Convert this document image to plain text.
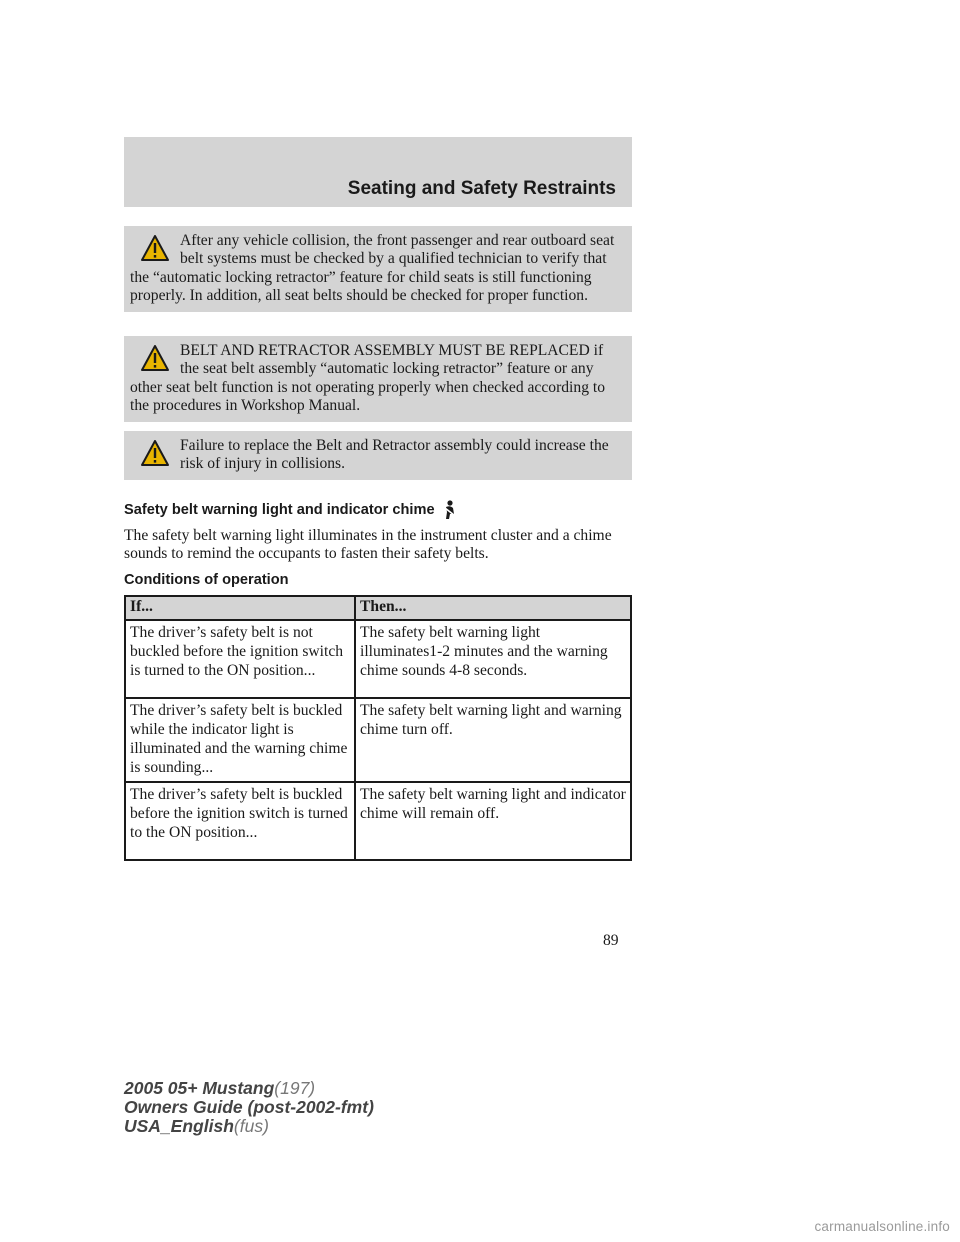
Seating and Safety Restraints

After any vehicle collision, the front passenger and rear outboard seat belt systems must be checked by a qualified technician to verify that the “automatic locking retractor” feature for child seats is still functioning properly. In addition, all seat belts should be checked for proper function.

BELT AND RETRACTOR ASSEMBLY MUST BE REPLACED if the seat belt assembly “automatic locking retractor” feature or any other seat belt function is not operating properly when checked according to the procedures in Workshop Manual.

Failure to replace the Belt and Retractor assembly could increase the risk of injury in collisions.

Safety belt warning light and indicator chime

The safety belt warning light illuminates in the instrument cluster and a chime sounds to remind the occupants to fasten their safety belts.

Conditions of operation
If...	Then...
The driver’s safety belt is not buckled before the ignition switch is turned to the ON position...	The safety belt warning light illuminates1-2 minutes and the warning chime sounds 4-8 seconds.
The driver’s safety belt is buckled while the indicator light is illuminated and the warning chime is sounding...	The safety belt warning light and warning chime turn off.
The driver’s safety belt is buckled before the ignition switch is turned to the ON position...	The safety belt warning light and indicator chime will remain off.
89
2005 05+ Mustang(197)
Owners Guide (post-2002-fmt)
USA_English(fus)
carmanualsonline.info
